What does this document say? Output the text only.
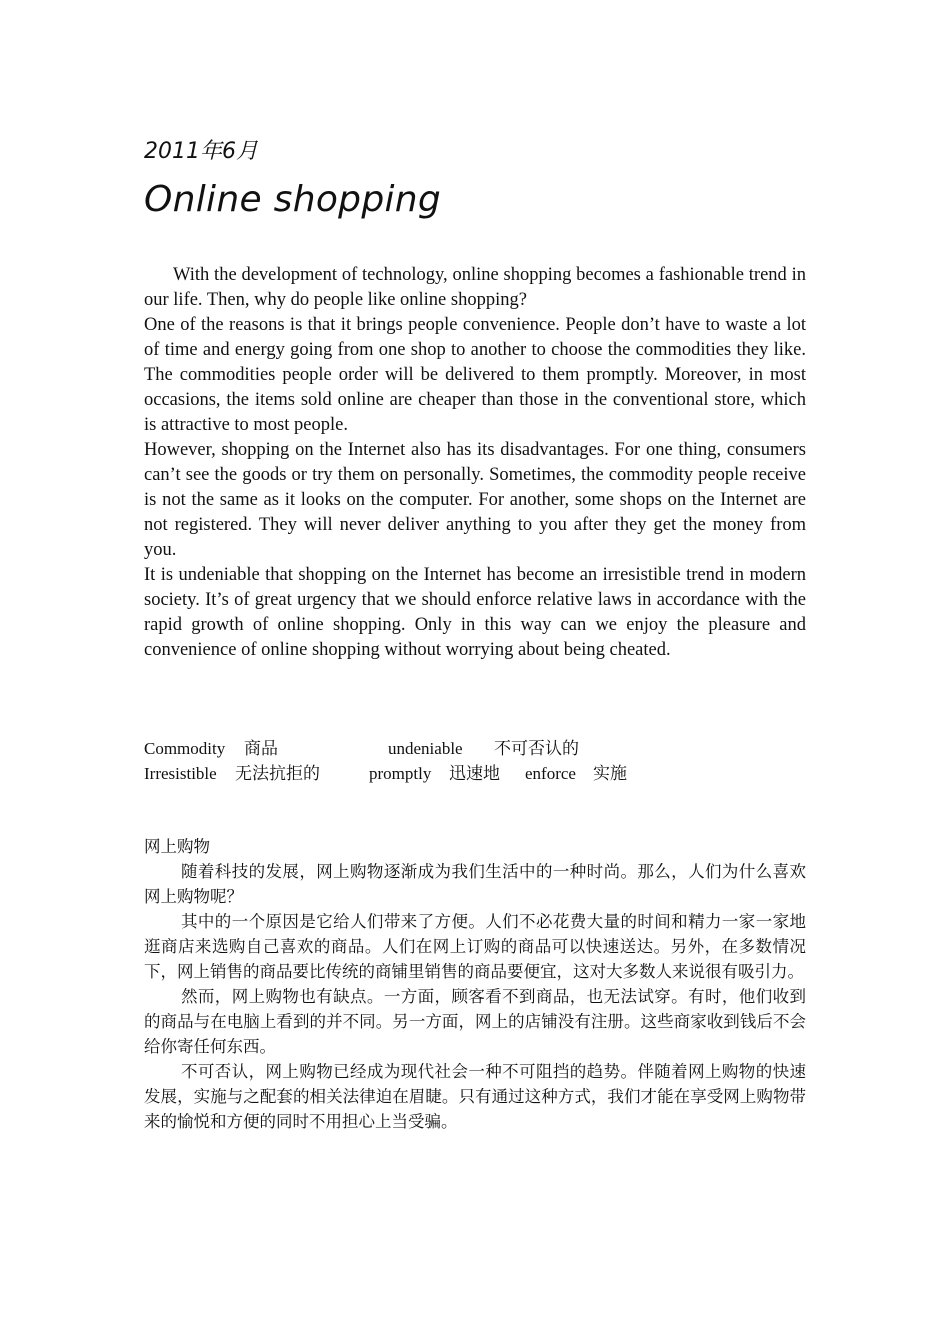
2011年6月
Online shopping

With the development of technology, online shopping becomes a fashionable trend in our life. Then, why do people like online shopping?

One of the reasons is that it brings people convenience. People don’t have to waste a lot of time and energy going from one shop to another to choose the commodities they like. The commodities people order will be delivered to them promptly. Moreover, in most occasions, the items sold online are cheaper than those in the conventional store, which is attractive to most people.

However, shopping on the Internet also has its disadvantages. For one thing, consumers can’t see the goods or try them on personally. Sometimes, the commodity people receive is not the same as it looks on the computer. For another, some shops on the Internet are not registered. They will never deliver anything to you after they get the money from you.

It is undeniable that shopping on the Internet has become an irresistible trend in modern society. It’s of great urgency that we should enforce relative laws in accordance with the rapid growth of online shopping. Only in this way can we enjoy the pleasure and convenience of online shopping without worrying about being cheated.

Commodity 商品	undeniable 不可否认的
Irresistible 无法抗拒的	promptly 迅速地 enforce 实施

网上购物

随着科技的发展，网上购物逐渐成为我们生活中的一种时尚。那么，人们为什么喜欢网上购物呢？

其中的一个原因是它给人们带来了方便。人们不必花费大量的时间和精力一家一家地逛商店来选购自己喜欢的商品。人们在网上订购的商品可以快速送达。另外，在多数情况下，网上销售的商品要比传统的商铺里销售的商品要便宜，这对大多数人来说很有吸引力。

然而，网上购物也有缺点。一方面，顾客看不到商品，也无法试穿。有时，他们收到的商品与在电脑上看到的并不同。另一方面，网上的店铺没有注册。这些商家收到钱后不会给你寄任何东西。

不可否认，网上购物已经成为现代社会一种不可阻挡的趋势。伴随着网上购物的快速发展，实施与之配套的相关法律迫在眉睫。只有通过这种方式，我们才能在享受网上购物带来的愉悦和方便的同时不用担心上当受骗。
